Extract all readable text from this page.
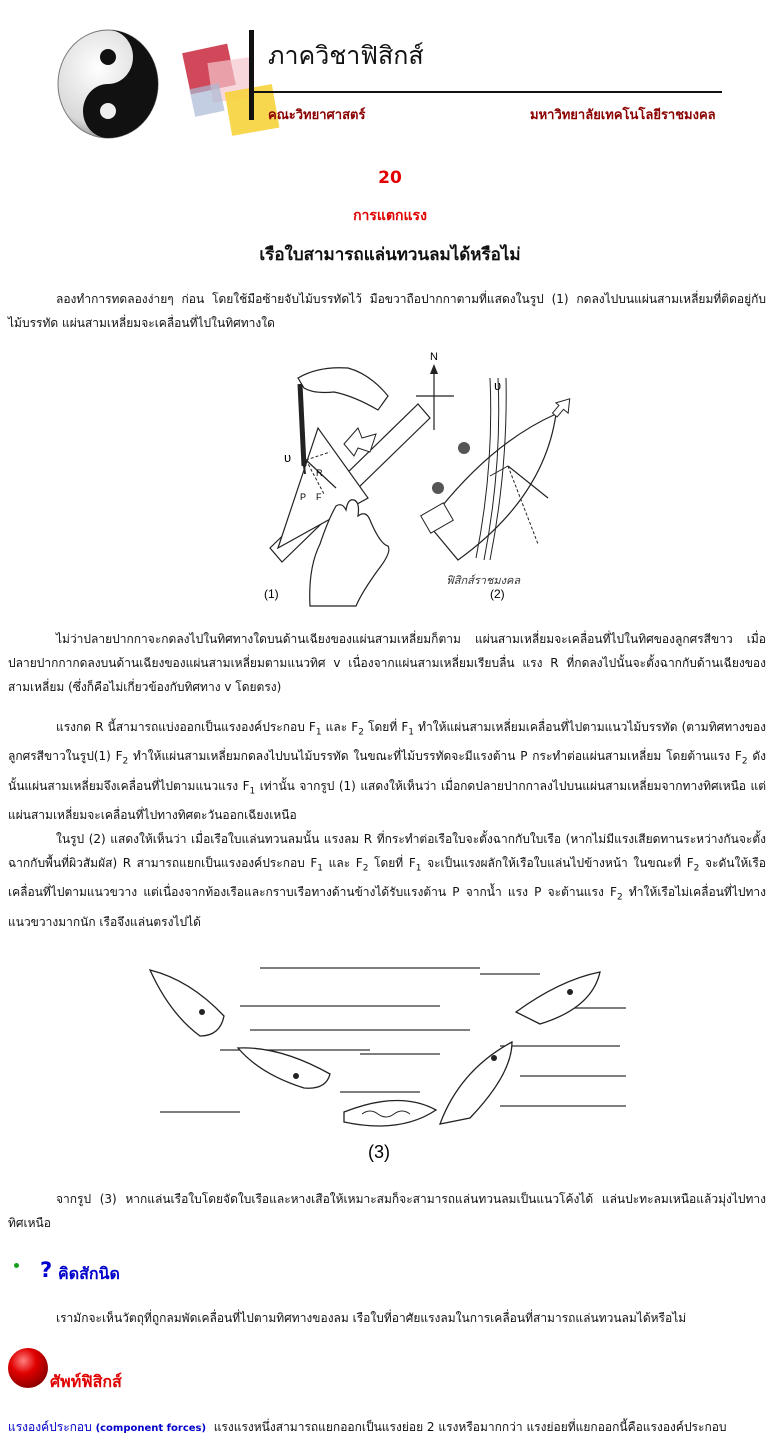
ภาควิชาฟิสิกส์
คณะวิทยาศาสตร์	มหาวิทยาลัยเทคโนโลยีราชมงคล
20
การแตกแรง
เรือใบสามารถแล่นทวนลมได้หรือไม่
ลองทำการทดลองง่ายๆ ก่อน โดยใช้มือซ้ายจับไม้บรรทัดไว้ มือขวาถือปากกาตามที่แสดงในรูป (1) กดลงไปบนแผ่นสามเหลี่ยมที่ติดอยู่กับไม้บรรทัด แผ่นสามเหลี่ยมจะเคลื่อนที่ไปในทิศทางใด
υ
R
P F
(1)
N
υ
ฟิสิกส์ราชมงคล
(2)
ไม่ว่าปลายปากกาจะกดลงไปในทิศทางใดบนด้านเฉียงของแผ่นสามเหลี่ยมก็ตาม แผ่นสามเหลี่ยมจะเคลื่อนที่ไปในทิศของลูกศรสีขาว เมื่อปลายปากกากดลงบนด้านเฉียงของแผ่นสามเหลี่ยมตามแนวทิศ v เนื่องจากแผ่นสามเหลี่ยมเรียบลื่น แรง R ที่กดลงไปนั้นจะตั้งฉากกับด้านเฉียงของสามเหลี่ยม (ซึ่งก็คือไม่เกี่ยวข้องกับทิศทาง v โดยตรง)
แรงกด R นี้สามารถแบ่งออกเป็นแรงองค์ประกอบ $F_1$ และ $F_2$ โดยที่ $F_1$ ทำให้แผ่นสามเหลี่ยมเคลื่อนที่ไปตามแนวไม้บรรทัด (ตามทิศทางของลูกศรสีขาวในรูป(1) $F_2$ ทำให้แผ่นสามเหลี่ยมกดลงไปบนไม้บรรทัด ในขณะที่ไม้บรรทัดจะมีแรงต้าน P กระทำต่อแผ่นสามเหลี่ยม โดยต้านแรง $F_2$ ดังนั้นแผ่นสามเหลี่ยมจึงเคลื่อนที่ไปตามแนวแรง $F_1$ เท่านั้น จากรูป (1) แสดงให้เห็นว่า เมื่อกดปลายปากกาลงไปบนแผ่นสามเหลี่ยมจากทางทิศเหนือ แต่แผ่นสามเหลี่ยมจะเคลื่อนที่ไปทางทิศตะวันออกเฉียงเหนือ
ในรูป (2) แสดงให้เห็นว่า เมื่อเรือใบแล่นทวนลมนั้น แรงลม R ที่กระทำต่อเรือใบจะตั้งฉากกับใบเรือ (หากไม่มีแรงเสียดทานระหว่างกันจะตั้งฉากกับพื้นที่ผิวสัมผัส) R สามารถแยกเป็นแรงองค์ประกอบ $F_1$ และ $F_2$ โดยที่ $F_1$ จะเป็นแรงผลักให้เรือใบแล่นไปข้างหน้า ในขณะที่ $F_2$ จะดันให้เรือเคลื่อนที่ไปตามแนวขวาง แต่เนื่องจากท้องเรือและกราบเรือทางด้านข้างได้รับแรงต้าน P จากน้ำ แรง P จะต้านแรง $F_2$ ทำให้เรือไม่เคลื่อนที่ไปทางแนวขวางมากนัก เรือจึงแล่นตรงไปได้
(3)
จากรูป (3) หากแล่นเรือใบโดยจัดใบเรือและหางเสือให้เหมาะสมก็จะสามารถแล่นทวนลมเป็นแนวโค้งได้ แล่นปะทะลมเหนือแล้วมุ่งไปทางทิศเหนือ
? คิดสักนิด
เรามักจะเห็นวัตถุที่ถูกลมพัดเคลื่อนที่ไปตามทิศทางของลม เรือใบที่อาศัยแรงลมในการเคลื่อนที่สามารถแล่นทวนลมได้หรือไม่
ศัพท์ฟิสิกส์
แรงองค์ประกอบ (component forces) แรงแรงหนึ่งสามารถแยกออกเป็นแรงย่อย 2 แรงหรือมากกว่า แรงย่อยที่แยกออกนี้คือแรงองค์ประกอบ
